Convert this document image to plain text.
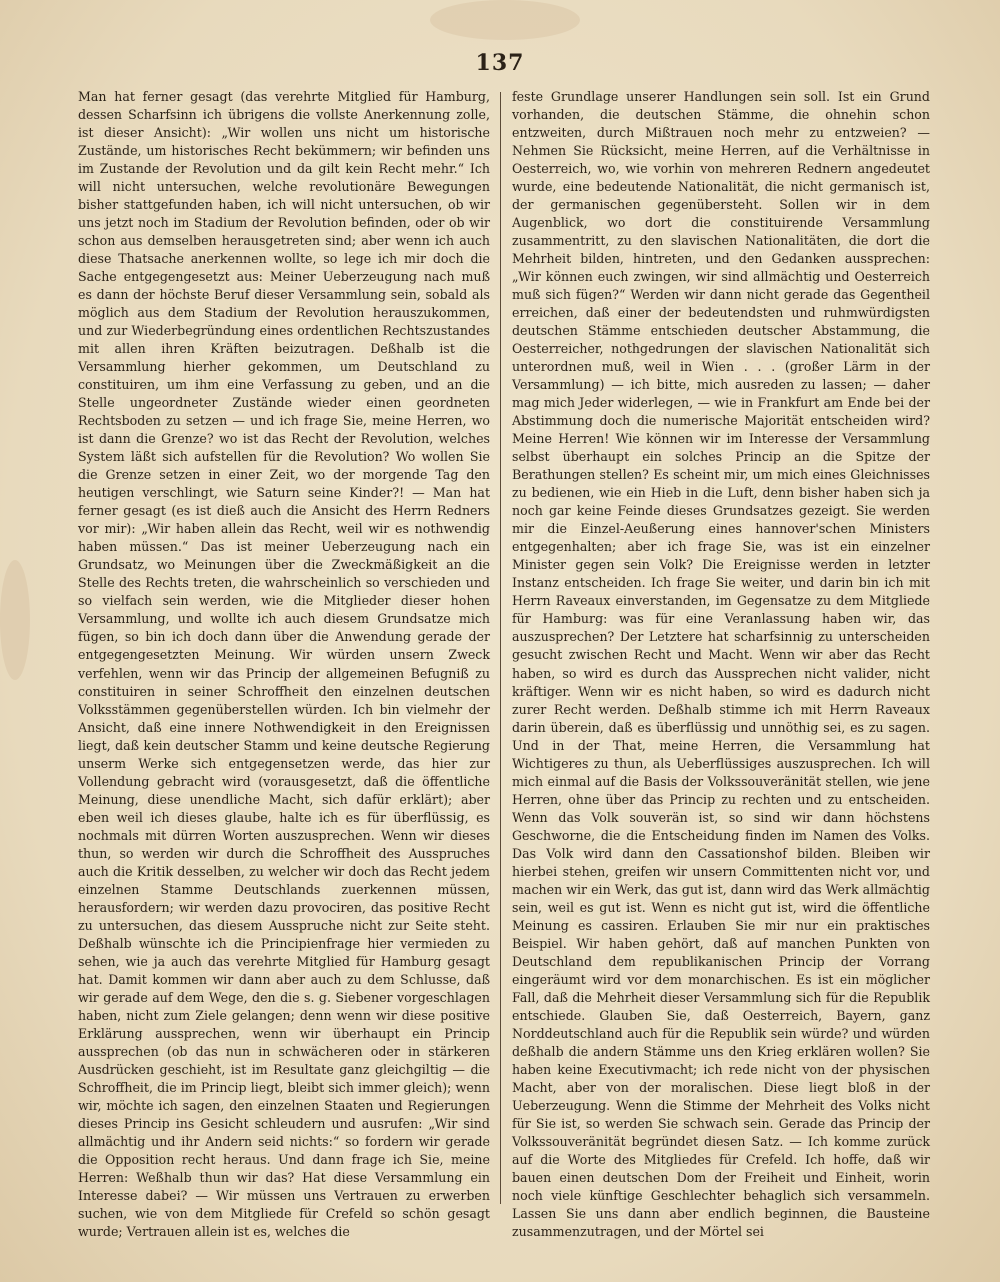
137

Man hat ferner gesagt (das verehrte Mitglied für Hamburg, dessen Scharfsinn ich übrigens die vollste Anerkennung zolle, ist dieser Ansicht): „Wir wollen uns nicht um historische Zustände, um historisches Recht bekümmern; wir befinden uns im Zustande der Revolution und da gilt kein Recht mehr.“ Ich will nicht untersuchen, welche revolutionäre Bewegungen bisher stattgefunden haben, ich will nicht untersuchen, ob wir uns jetzt noch im Stadium der Revolution befinden, oder ob wir schon aus demselben herausgetreten sind; aber wenn ich auch diese Thatsache anerkennen wollte, so lege ich mir doch die Sache entgegengesetzt aus: Meiner Ueberzeugung nach muß es dann der höchste Beruf dieser Versammlung sein, sobald als möglich aus dem Stadium der Revolution herauszukommen, und zur Wiederbegründung eines ordentlichen Rechtszustandes mit allen ihren Kräften beizutragen. Deßhalb ist die Versammlung hierher gekommen, um Deutschland zu constituiren, um ihm eine Verfassung zu geben, und an die Stelle ungeordneter Zustände wieder einen geordneten Rechtsboden zu setzen — und ich frage Sie, meine Herren, wo ist dann die Grenze? wo ist das Recht der Revolution, welches System läßt sich aufstellen für die Revolution? Wo wollen Sie die Grenze setzen in einer Zeit, wo der morgende Tag den heutigen verschlingt, wie Saturn seine Kinder?! — Man hat ferner gesagt (es ist dieß auch die Ansicht des Herrn Redners vor mir): „Wir haben allein das Recht, weil wir es nothwendig haben müssen.“ Das ist meiner Ueberzeugung nach ein Grundsatz, wo Meinungen über die Zweckmäßigkeit an die Stelle des Rechts treten, die wahrscheinlich so verschieden und so vielfach sein werden, wie die Mitglieder dieser hohen Versammlung, und wollte ich auch diesem Grundsatze mich fügen, so bin ich doch dann über die Anwendung gerade der entgegengesetzten Meinung. Wir würden unsern Zweck verfehlen, wenn wir das Princip der allgemeinen Befugniß zu constituiren in seiner Schroffheit den einzelnen deutschen Volksstämmen gegenüberstellen würden. Ich bin vielmehr der Ansicht, daß eine innere Nothwendigkeit in den Ereignissen liegt, daß kein deutscher Stamm und keine deutsche Regierung unserm Werke sich entgegensetzen werde, das hier zur Vollendung gebracht wird (vorausgesetzt, daß die öffentliche Meinung, diese unendliche Macht, sich dafür erklärt); aber eben weil ich dieses glaube, halte ich es für überflüssig, es nochmals mit dürren Worten auszusprechen. Wenn wir dieses thun, so werden wir durch die Schroffheit des Ausspruches auch die Kritik desselben, zu welcher wir doch das Recht jedem einzelnen Stamme Deutschlands zuerkennen müssen, herausfordern; wir werden dazu provociren, das positive Recht zu untersuchen, das diesem Ausspruche nicht zur Seite steht. Deßhalb wünschte ich die Principienfrage hier vermieden zu sehen, wie ja auch das verehrte Mitglied für Hamburg gesagt hat. Damit kommen wir dann aber auch zu dem Schlusse, daß wir gerade auf dem Wege, den die s. g. Siebener vorgeschlagen haben, nicht zum Ziele gelangen; denn wenn wir diese positive Erklärung aussprechen, wenn wir überhaupt ein Princip aussprechen (ob das nun in schwächeren oder in stärkeren Ausdrücken geschieht, ist im Resultate ganz gleichgiltig — die Schroffheit, die im Princip liegt, bleibt sich immer gleich); wenn wir, möchte ich sagen, den einzelnen Staaten und Regierungen dieses Princip ins Gesicht schleudern und ausrufen: „Wir sind allmächtig und ihr Andern seid nichts:“ so fordern wir gerade die Opposition recht heraus. Und dann frage ich Sie, meine Herren: Weßhalb thun wir das? Hat diese Versammlung ein Interesse dabei? — Wir müssen uns Vertrauen zu erwerben suchen, wie von dem Mitgliede für Crefeld so schön gesagt wurde; Vertrauen allein ist es, welches die

feste Grundlage unserer Handlungen sein soll. Ist ein Grund vorhanden, die deutschen Stämme, die ohnehin schon entzweiten, durch Mißtrauen noch mehr zu entzweien? — Nehmen Sie Rücksicht, meine Herren, auf die Verhältnisse in Oesterreich, wo, wie vorhin von mehreren Rednern angedeutet wurde, eine bedeutende Nationalität, die nicht germanisch ist, der germanischen gegenübersteht. Sollen wir in dem Augenblick, wo dort die constituirende Versammlung zusammentritt, zu den slavischen Nationalitäten, die dort die Mehrheit bilden, hintreten, und den Gedanken aussprechen: „Wir können euch zwingen, wir sind allmächtig und Oesterreich muß sich fügen?“ Werden wir dann nicht gerade das Gegentheil erreichen, daß einer der bedeutendsten und ruhmwürdigsten deutschen Stämme entschieden deutscher Abstammung, die Oesterreicher, nothgedrungen der slavischen Nationalität sich unterordnen muß, weil in Wien . . . (großer Lärm in der Versammlung) — ich bitte, mich ausreden zu lassen; — daher mag mich Jeder widerlegen, — wie in Frankfurt am Ende bei der Abstimmung doch die numerische Majorität entscheiden wird? Meine Herren! Wie können wir im Interesse der Versammlung selbst überhaupt ein solches Princip an die Spitze der Berathungen stellen? Es scheint mir, um mich eines Gleichnisses zu bedienen, wie ein Hieb in die Luft, denn bisher haben sich ja noch gar keine Feinde dieses Grundsatzes gezeigt. Sie werden mir die Einzel-Aeußerung eines hannover'schen Ministers entgegenhalten; aber ich frage Sie, was ist ein einzelner Minister gegen sein Volk? Die Ereignisse werden in letzter Instanz entscheiden. Ich frage Sie weiter, und darin bin ich mit Herrn Raveaux einverstanden, im Gegensatze zu dem Mitgliede für Hamburg: was für eine Veranlassung haben wir, das auszusprechen? Der Letztere hat scharfsinnig zu unterscheiden gesucht zwischen Recht und Macht. Wenn wir aber das Recht haben, so wird es durch das Aussprechen nicht valider, nicht kräftiger. Wenn wir es nicht haben, so wird es dadurch nicht zurer Recht werden. Deßhalb stimme ich mit Herrn Raveaux darin überein, daß es überflüssig und unnöthig sei, es zu sagen. Und in der That, meine Herren, die Versammlung hat Wichtigeres zu thun, als Ueberflüssiges auszusprechen. Ich will mich einmal auf die Basis der Volkssouveränität stellen, wie jene Herren, ohne über das Princip zu rechten und zu entscheiden. Wenn das Volk souverän ist, so sind wir dann höchstens Geschworne, die die Entscheidung finden im Namen des Volks. Das Volk wird dann den Cassationshof bilden. Bleiben wir hierbei stehen, greifen wir unsern Committenten nicht vor, und machen wir ein Werk, das gut ist, dann wird das Werk allmächtig sein, weil es gut ist. Wenn es nicht gut ist, wird die öffentliche Meinung es cassiren. Erlauben Sie mir nur ein praktisches Beispiel. Wir haben gehört, daß auf manchen Punkten von Deutschland dem republikanischen Princip der Vorrang eingeräumt wird vor dem monarchischen. Es ist ein möglicher Fall, daß die Mehrheit dieser Versammlung sich für die Republik entschiede. Glauben Sie, daß Oesterreich, Bayern, ganz Norddeutschland auch für die Republik sein würde? und würden deßhalb die andern Stämme uns den Krieg erklären wollen? Sie haben keine Executivmacht; ich rede nicht von der physischen Macht, aber von der moralischen. Diese liegt bloß in der Ueberzeugung. Wenn die Stimme der Mehrheit des Volks nicht für Sie ist, so werden Sie schwach sein. Gerade das Princip der Volkssouveränität begründet diesen Satz. — Ich komme zurück auf die Worte des Mitgliedes für Crefeld. Ich hoffe, daß wir bauen einen deutschen Dom der Freiheit und Einheit, worin noch viele künftige Geschlechter behaglich sich versammeln. Lassen Sie uns dann aber endlich beginnen, die Bausteine zusammenzutragen, und der Mörtel sei
